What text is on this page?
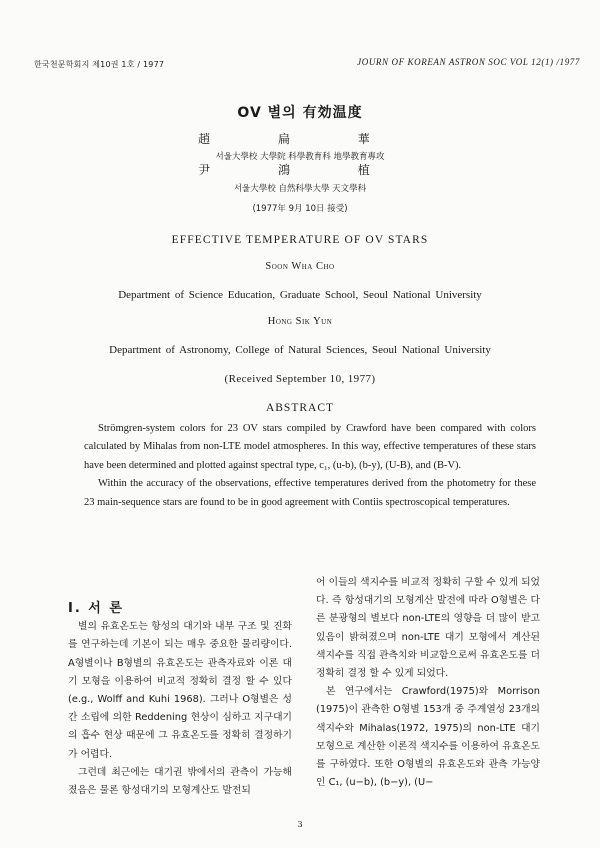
한국천문학회지 제10권 1호 / 1977	JOURN OF KOREAN ASTRON SOC VOL 12(1) /1977
OV 별의 有効温度
趙 扁 華
서울大學校 大學院 科學教育科 地學教育專攻
尹 鴻 植
서울大學校 自然科學大學 天文學科
(1977年 9月 10日 接受)
EFFECTIVE TEMPERATURE OF OV STARS
Soon Wha Cho
Department of Science Education, Graduate School, Seoul National University
Hong Sik Yun
Department of Astronomy, College of Natural Sciences, Seoul National University
(Received September 10, 1977)
ABSTRACT

Strömgren-system colors for 23 OV stars compiled by Crawford have been compared with colors calculated by Mihalas from non-LTE model atmospheres. In this way, effective temperatures of these stars have been determined and plotted against spectral type, c₁, (u-b), (b-y), (U-B), and (B-V).

Within the accuracy of the observations, effective temperatures derived from the photometry for these 23 main-sequence stars are found to be in good agreement with Contiis spectroscopical temperatures.

I. 서 론

별의 유효온도는 항성의 대기와 내부 구조 및 진화를 연구하는데 기본이 되는 매우 중요한 물리량이다. A형별이나 B형별의 유효온도는 관측자료와 이론 대기 모형을 이용하여 비교적 정확히 결정 할 수 있다(e.g., Wolff and Kuhi 1968). 그러나 O형별은 성간 소립에 의한 Reddening 현상이 심하고 지구대기의 흡수 현상 때문에 그 유효온도를 정확히 결정하기가 어렵다.

그런데 최근에는 대기권 밖에서의 관측이 가능해졌음은 물론 항성대기의 모형계산도 발전되

어 이들의 색지수를 비교적 정확히 구할 수 있게 되었다. 즉 항성대기의 모형계산 발전에 따라 O형별은 다른 분광형의 별보다 non-LTE의 영향을 더 많이 받고 있음이 밝혀졌으며 non-LTE 대기 모형에서 계산된 색지수를 직접 관측치와 비교함으로써 유효온도를 더 정확히 결정 할 수 있게 되었다.

본 연구에서는 Crawford(1975)와 Morrison (1975)이 관측한 O형별 153개 중 주계열성 23개의 색지수와 Mihalas(1972, 1975)의 non-LTE 대기 모형으로 계산한 이론적 색지수를 이용하여 유효온도를 구하였다. 또한 O형별의 유효온도와 관측 가능양인 C₁, (u−b), (b−y), (U−

3
